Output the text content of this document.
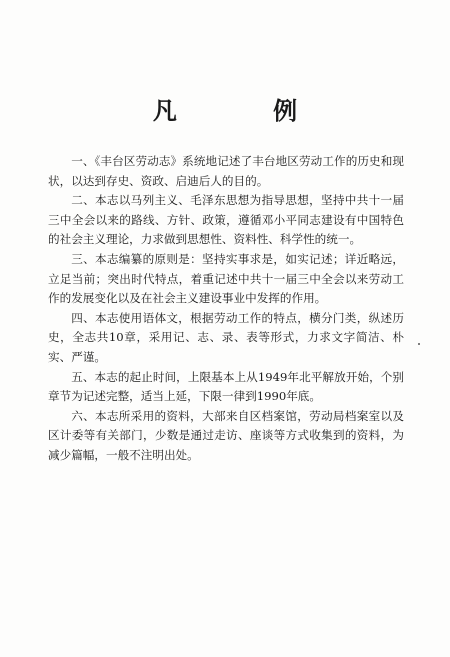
凡 例

一、《丰台区劳动志》系统地记述了丰台地区劳动工作的历史和现状，以达到存史、资政、启迪后人的目的。

二、本志以马列主义、毛泽东思想为指导思想，坚持中共十一届三中全会以来的路线、方针、政策，遵循邓小平同志建设有中国特色的社会主义理论，力求做到思想性、资料性、科学性的统一。

三、本志编纂的原则是：坚持实事求是，如实记述；详近略远，立足当前；突出时代特点，着重记述中共十一届三中全会以来劳动工作的发展变化以及在社会主义建设事业中发挥的作用。

四、本志使用语体文，根据劳动工作的特点，横分门类，纵述历史，全志共10章，采用记、志、录、表等形式，力求文字简洁、朴实、严谨。

五、本志的起止时间，上限基本上从1949年北平解放开始，个别章节为记述完整，适当上延，下限一律到1990年底。

六、本志所采用的资料，大部来自区档案馆，劳动局档案室以及区计委等有关部门，少数是通过走访、座谈等方式收集到的资料，为减少篇幅，一般不注明出处。
